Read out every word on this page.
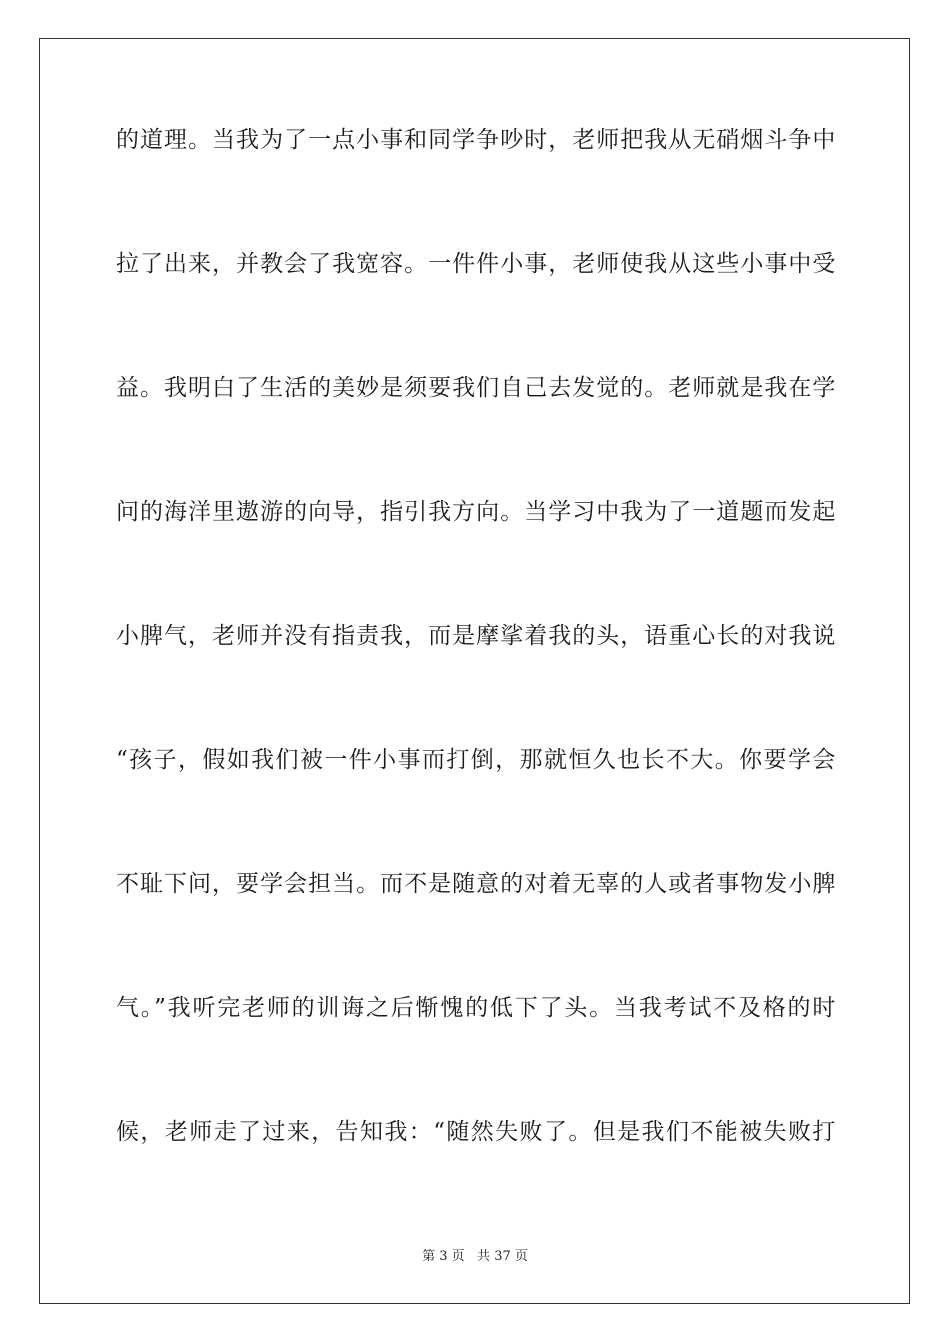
的道理。当我为了一点小事和同学争吵时，老师把我从无硝烟斗争中

拉了出来，并教会了我宽容。一件件小事，老师使我从这些小事中受

益。我明白了生活的美妙是须要我们自己去发觉的。老师就是我在学

问的海洋里遨游的向导，指引我方向。当学习中我为了一道题而发起

小脾气，老师并没有指责我，而是摩挲着我的头，语重心长的对我说

“孩子，假如我们被一件小事而打倒，那就恒久也长不大。你要学会

不耻下问，要学会担当。而不是随意的对着无辜的人或者事物发小脾

气。”我听完老师的训诲之后惭愧的低下了头。当我考试不及格的时

候，老师走了过来，告知我：“随然失败了。但是我们不能被失败打

第 3 页   共 37 页
